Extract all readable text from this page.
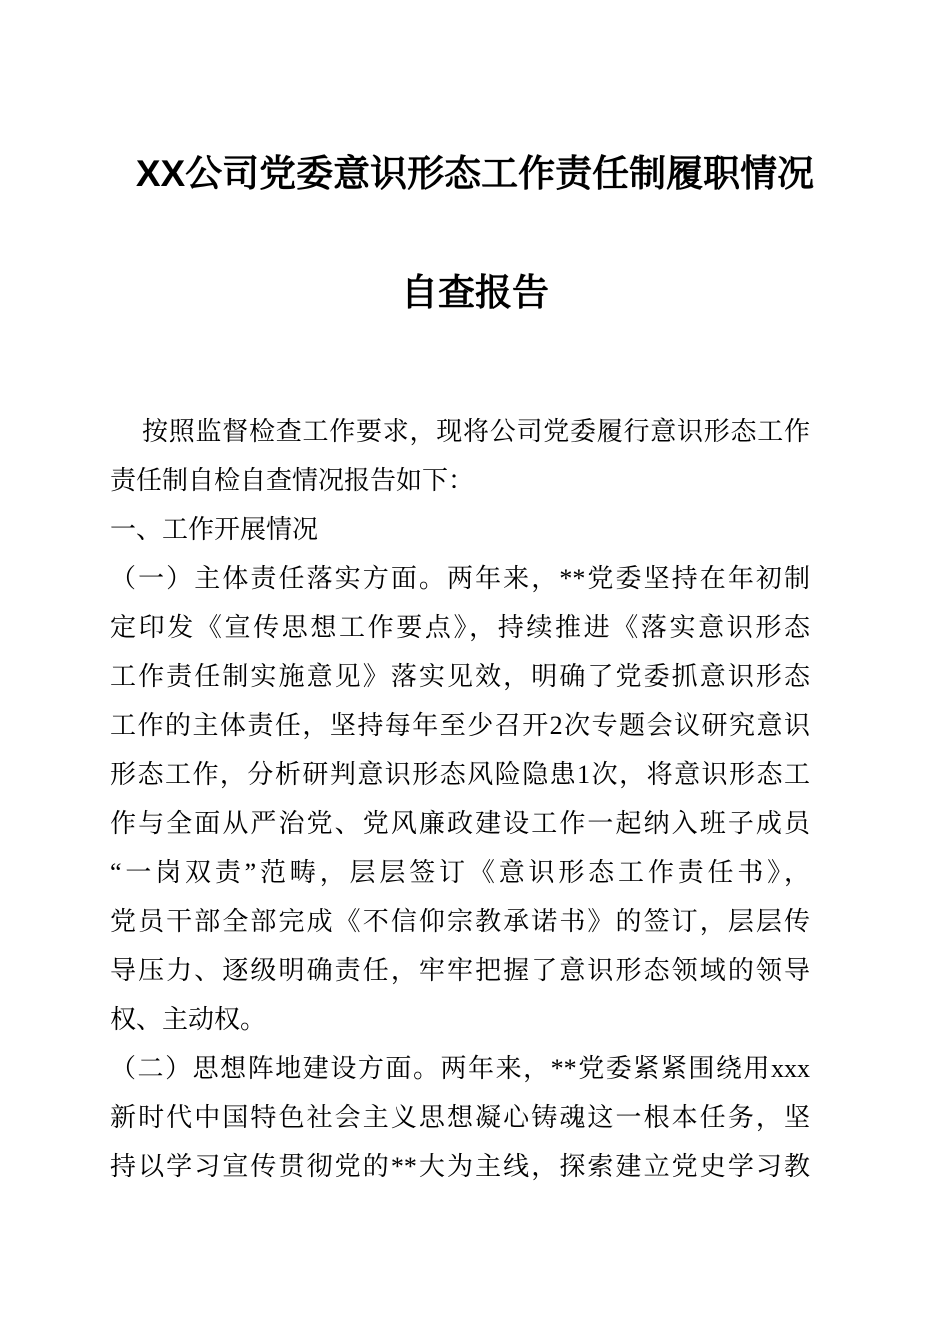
XX公司党委意识形态工作责任制履职情况
自查报告
按照监督检查工作要求，现将公司党委履行意识形态工作
责任制自检自查情况报告如下：
一、工作开展情况
（一）主体责任落实方面。两年来，**党委坚持在年初制
定印发《宣传思想工作要点》，持续推进《落实意识形态
工作责任制实施意见》落实见效，明确了党委抓意识形态
工作的主体责任，坚持每年至少召开2次专题会议研究意识
形态工作，分析研判意识形态风险隐患1次，将意识形态工
作与全面从严治党、党风廉政建设工作一起纳入班子成员
“一岗双责”范畴，层层签订《意识形态工作责任书》，
党员干部全部完成《不信仰宗教承诺书》的签订，层层传
导压力、逐级明确责任，牢牢把握了意识形态领域的领导
权、主动权。
（二）思想阵地建设方面。两年来，**党委紧紧围绕用xxx
新时代中国特色社会主义思想凝心铸魂这一根本任务，坚
持以学习宣传贯彻党的**大为主线，探索建立党史学习教
